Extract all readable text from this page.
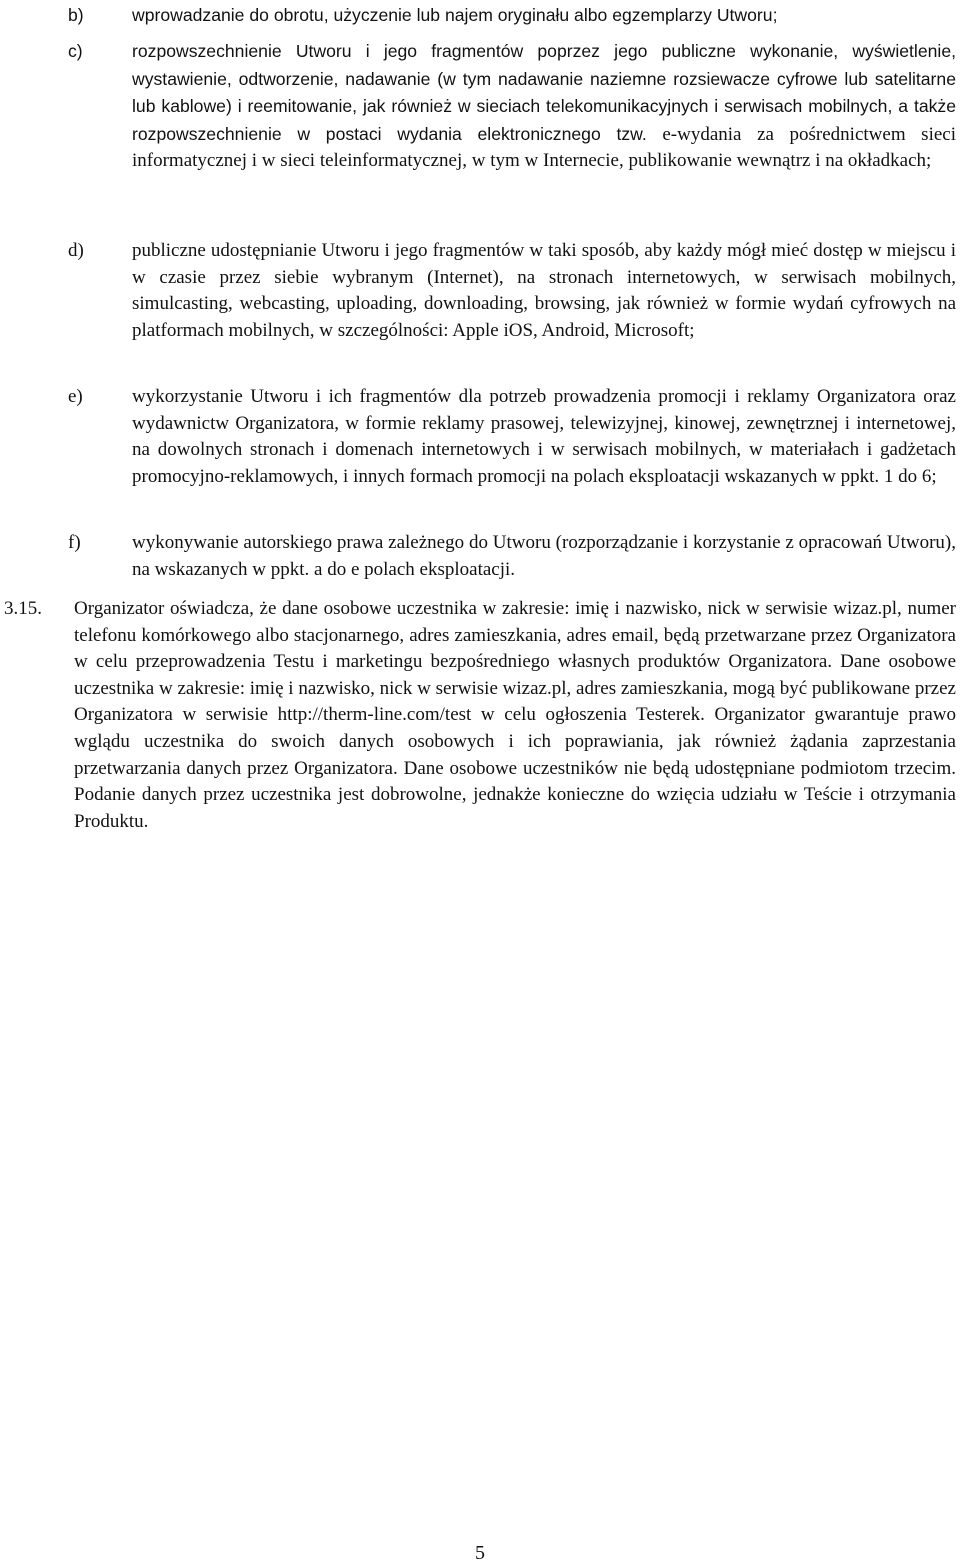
b)	wprowadzanie do obrotu, użyczenie lub najem oryginału albo egzemplarzy Utworu;
c)	rozpowszechnienie Utworu i jego fragmentów poprzez jego publiczne wykonanie, wyświetlenie, wystawienie, odtworzenie, nadawanie (w tym nadawanie naziemne rozsiewacze cyfrowe lub satelitarne lub kablowe) i reemitowanie, jak również w sieciach telekomunikacyjnych i serwisach mobilnych, a także rozpowszechnienie w postaci wydania elektronicznego tzw. e-wydania za pośrednictwem sieci informatycznej i w sieci teleinformatycznej, w tym w Internecie, publikowanie wewnątrz i na okładkach;
d)	publiczne udostępnianie Utworu i jego fragmentów w taki sposób, aby każdy mógł mieć dostęp w miejscu i w czasie przez siebie wybranym (Internet), na stronach internetowych, w serwisach mobilnych, simulcasting, webcasting, uploading, downloading, browsing, jak również w formie wydań cyfrowych na platformach mobilnych, w szczególności: Apple iOS, Android, Microsoft;
e)	wykorzystanie Utworu i ich fragmentów dla potrzeb prowadzenia promocji i reklamy Organizatora oraz wydawnictw Organizatora, w formie reklamy prasowej, telewizyjnej, kinowej, zewnętrznej i internetowej, na dowolnych stronach i domenach internetowych i w serwisach mobilnych, w materiałach i gadżetach promocyjno-reklamowych, i innych formach promocji na polach eksploatacji wskazanych w ppkt. 1 do 6;
f)	wykonywanie autorskiego prawa zależnego do Utworu (rozporządzanie i korzystanie z opracowań Utworu), na wskazanych w ppkt. a do e polach eksploatacji.
3.15. Organizator oświadcza, że dane osobowe uczestnika w zakresie: imię i nazwisko, nick w serwisie wizaz.pl, numer telefonu komórkowego albo stacjonarnego, adres zamieszkania, adres email, będą przetwarzane przez Organizatora w celu przeprowadzenia Testu i marketingu bezpośredniego własnych produktów Organizatora. Dane osobowe uczestnika w zakresie: imię i nazwisko, nick w serwisie wizaz.pl, adres zamieszkania, mogą być publikowane przez Organizatora w serwisie http://therm-line.com/test w celu ogłoszenia Testerek. Organizator gwarantuje prawo wglądu uczestnika do swoich danych osobowych i ich poprawiania, jak również żądania zaprzestania przetwarzania danych przez Organizatora. Dane osobowe uczestników nie będą udostępniane podmiotom trzecim. Podanie danych przez uczestnika jest dobrowolne, jednakże konieczne do wzięcia udziału w Teście i otrzymania Produktu.
5
